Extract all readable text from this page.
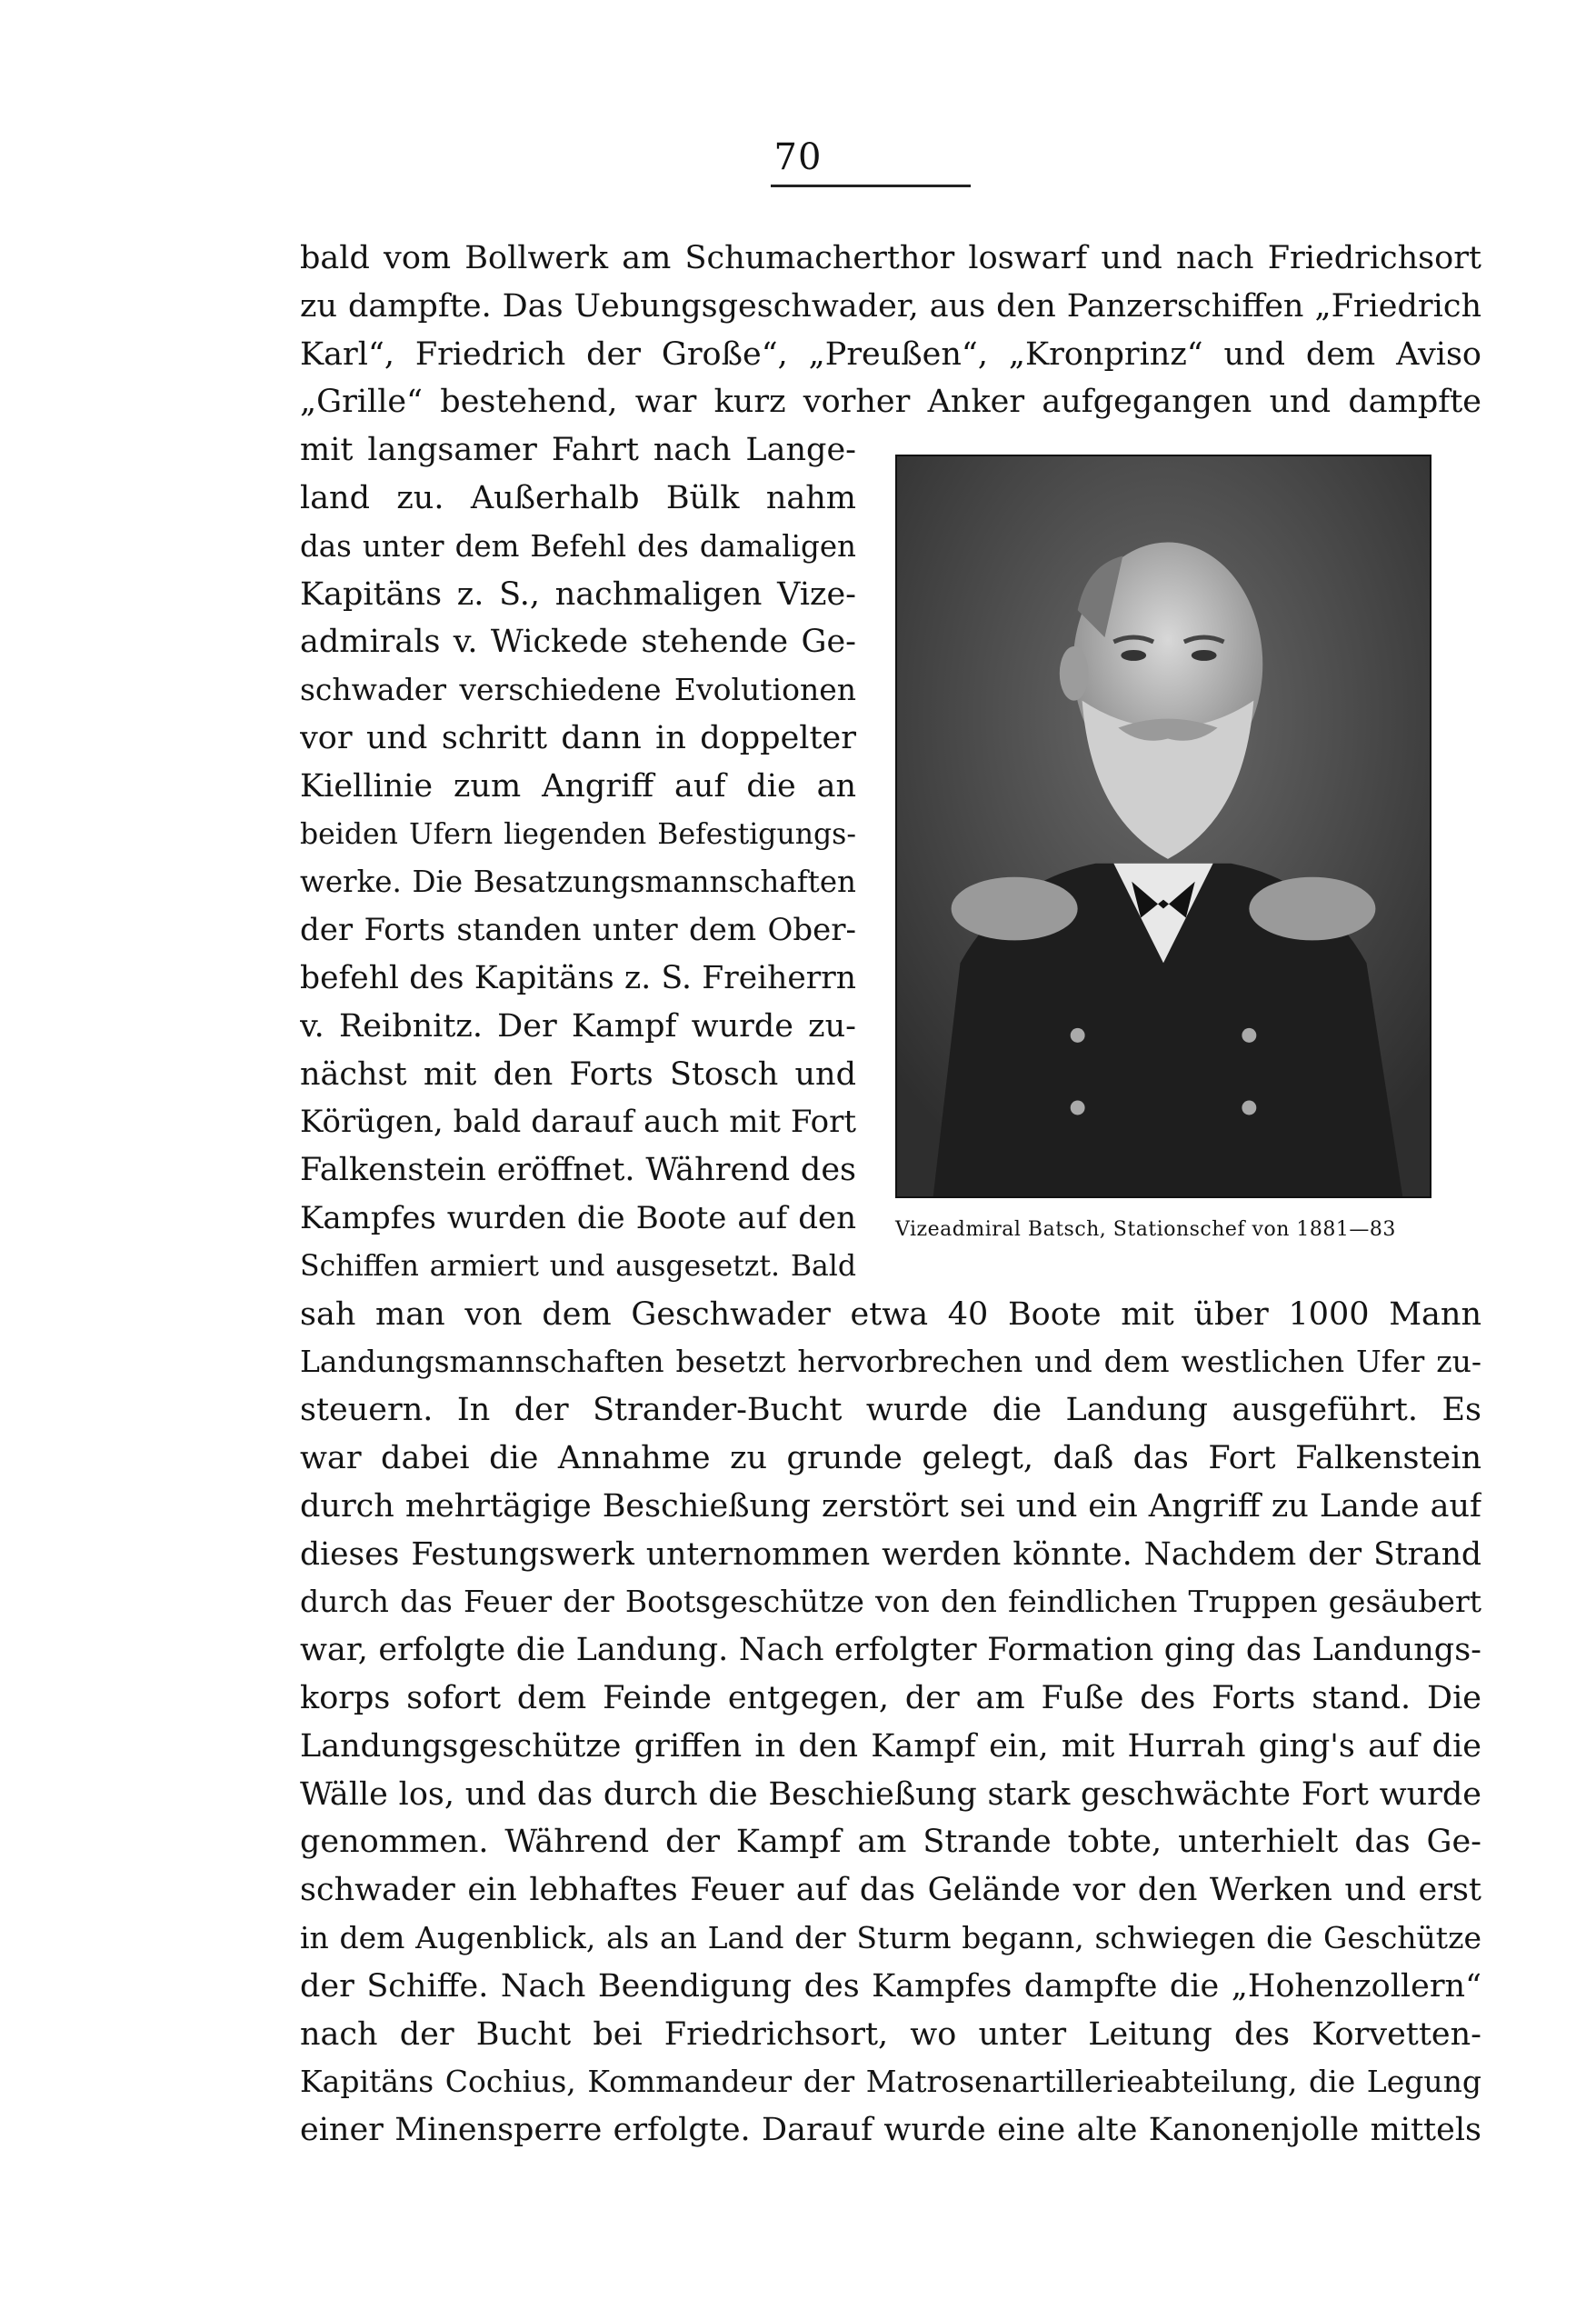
70
bald vom Bollwerk am Schumacherthor loswarf und nach Friedrichsort
zu dampfte. Das Uebungsgeschwader, aus den Panzerschiffen „Friedrich
Karl“, Friedrich der Große“, „Preußen“, „Kronprinz“ und dem Aviso
„Grille“ bestehend, war kurz vorher Anker aufgegangen und dampfte
mit langsamer Fahrt nach Lange-
land zu. Außerhalb Bülk nahm
das unter dem Befehl des damaligen
Kapitäns z. S., nachmaligen Vize-
admirals v. Wickede stehende Ge-
schwader verschiedene Evolutionen
vor und schritt dann in doppelter
Kiellinie zum Angriff auf die an
beiden Ufern liegenden Befestigungs-
werke. Die Besatzungsmannschaften
der Forts standen unter dem Ober-
befehl des Kapitäns z. S. Freiherrn
v. Reibnitz. Der Kampf wurde zu-
nächst mit den Forts Stosch und
Körügen, bald darauf auch mit Fort
Falkenstein eröffnet. Während des
Kampfes wurden die Boote auf den
Schiffen armiert und ausgesetzt. Bald
sah man von dem Geschwader etwa 40 Boote mit über 1000 Mann
Landungsmannschaften besetzt hervorbrechen und dem westlichen Ufer zu-
steuern. In der Strander-Bucht wurde die Landung ausgeführt. Es
war dabei die Annahme zu grunde gelegt, daß das Fort Falkenstein
durch mehrtägige Beschießung zerstört sei und ein Angriff zu Lande auf
dieses Festungswerk unternommen werden könnte. Nachdem der Strand
durch das Feuer der Bootsgeschütze von den feindlichen Truppen gesäubert
war, erfolgte die Landung. Nach erfolgter Formation ging das Landungs-
korps sofort dem Feinde entgegen, der am Fuße des Forts stand. Die
Landungsgeschütze griffen in den Kampf ein, mit Hurrah ging's auf die
Wälle los, und das durch die Beschießung stark geschwächte Fort wurde
genommen. Während der Kampf am Strande tobte, unterhielt das Ge-
schwader ein lebhaftes Feuer auf das Gelände vor den Werken und erst
in dem Augenblick, als an Land der Sturm begann, schwiegen die Geschütze
der Schiffe. Nach Beendigung des Kampfes dampfte die „Hohenzollern“
nach der Bucht bei Friedrichsort, wo unter Leitung des Korvetten-
Kapitäns Cochius, Kommandeur der Matrosenartillerieabteilung, die Legung
einer Minensperre erfolgte. Darauf wurde eine alte Kanonenjolle mittels
Vizeadmiral Batsch, Stationschef von 1881—83
